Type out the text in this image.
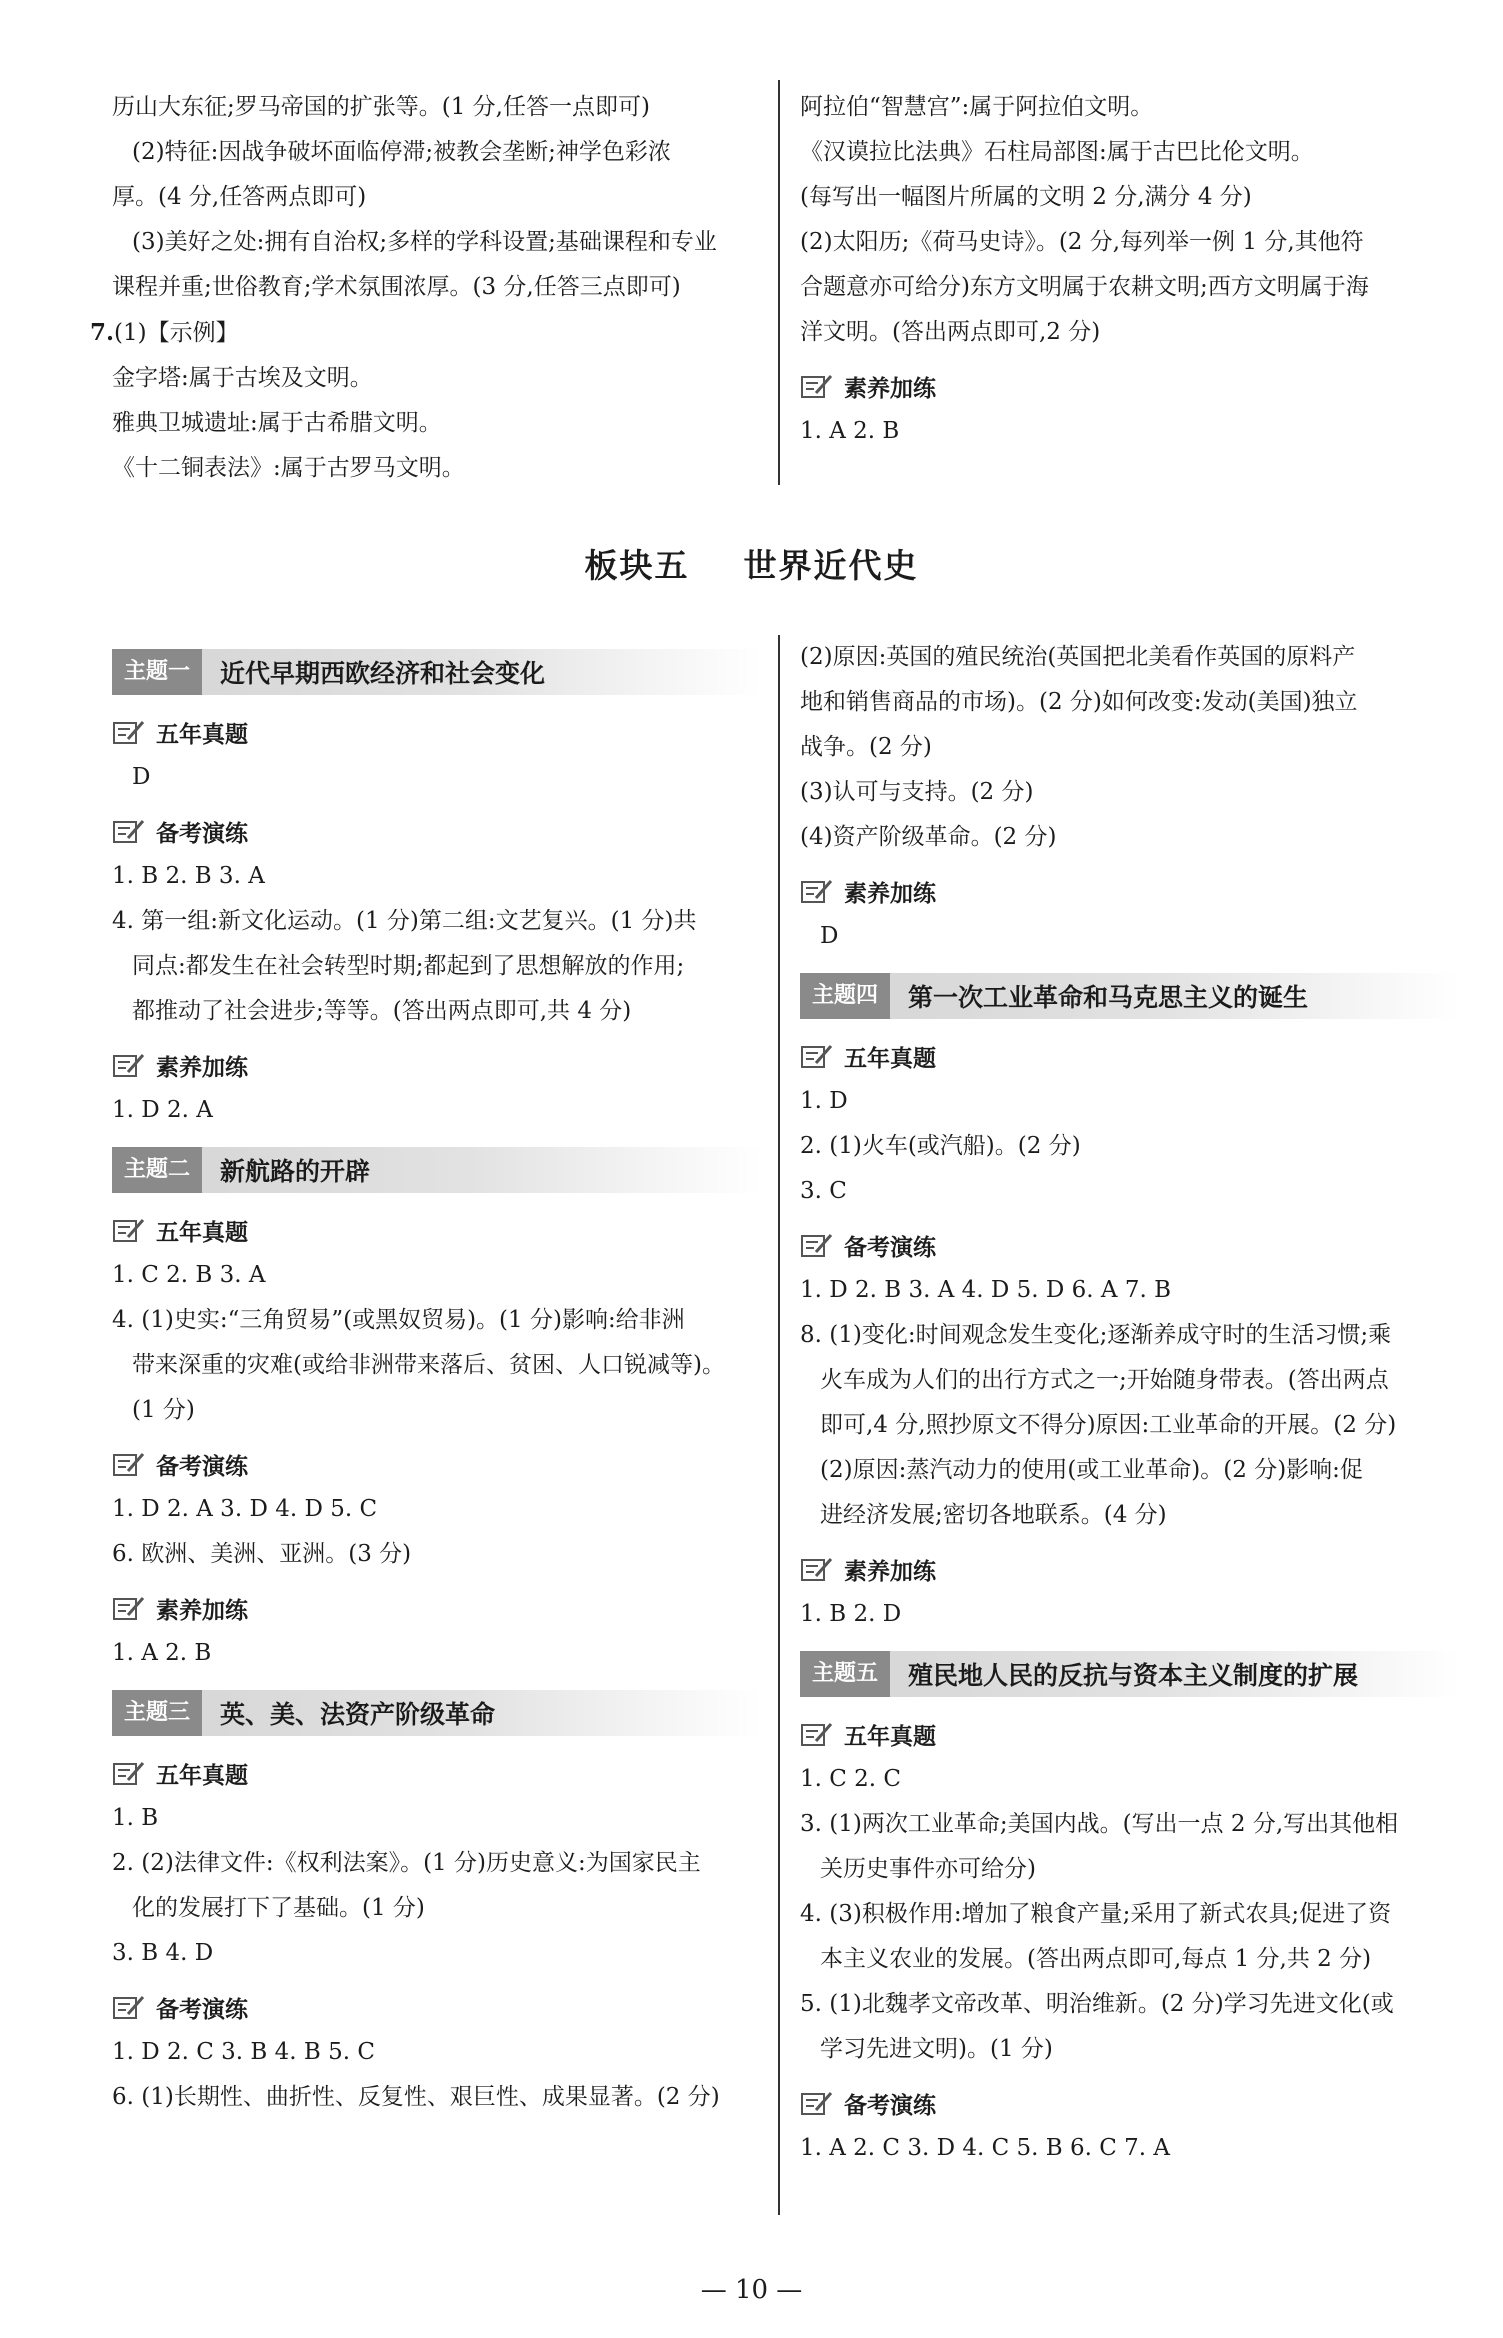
历山大东征;罗马帝国的扩张等。(1 分,任答一点即可)
(2)特征:因战争破坏面临停滞;被教会垄断;神学色彩浓
厚。(4 分,任答两点即可)
(3)美好之处:拥有自治权;多样的学科设置;基础课程和专业
课程并重;世俗教育;学术氛围浓厚。(3 分,任答三点即可)
7.(1)【示例】
金字塔:属于古埃及文明。
雅典卫城遗址:属于古希腊文明。
《十二铜表法》:属于古罗马文明。
阿拉伯“智慧宫”:属于阿拉伯文明。
《汉谟拉比法典》石柱局部图:属于古巴比伦文明。
(每写出一幅图片所属的文明 2 分,满分 4 分)
(2)太阳历;《荷马史诗》。(2 分,每列举一例 1 分,其他符
合题意亦可给分)东方文明属于农耕文明;西方文明属于海
洋文明。(答出两点即可,2 分)
素养加练
1. A 2. B
板块五    世界近代史
主题一	近代早期西欧经济和社会变化
五年真题
D
备考演练
1. B 2. B 3. A
4. 第一组:新文化运动。(1 分)第二组:文艺复兴。(1 分)共
同点:都发生在社会转型时期;都起到了思想解放的作用;
都推动了社会进步;等等。(答出两点即可,共 4 分)
素养加练
1. D 2. A
主题二	新航路的开辟
五年真题
1. C 2. B 3. A
4. (1)史实:“三角贸易”(或黑奴贸易)。(1 分)影响:给非洲
带来深重的灾难(或给非洲带来落后、贫困、人口锐减等)。
(1 分)
备考演练
1. D 2. A 3. D 4. D 5. C
6. 欧洲、美洲、亚洲。(3 分)
素养加练
1. A 2. B
主题三	英、美、法资产阶级革命
五年真题
1. B
2. (2)法律文件:《权利法案》。(1 分)历史意义:为国家民主
化的发展打下了基础。(1 分)
3. B 4. D
备考演练
1. D 2. C 3. B 4. B 5. C
6. (1)长期性、曲折性、反复性、艰巨性、成果显著。(2 分)
(2)原因:英国的殖民统治(英国把北美看作英国的原料产
地和销售商品的市场)。(2 分)如何改变:发动(美国)独立
战争。(2 分)
(3)认可与支持。(2 分)
(4)资产阶级革命。(2 分)
素养加练
D
主题四	第一次工业革命和马克思主义的诞生
五年真题
1. D
2. (1)火车(或汽船)。(2 分)
3. C
备考演练
1. D 2. B 3. A 4. D 5. D 6. A 7. B
8. (1)变化:时间观念发生变化;逐渐养成守时的生活习惯;乘
火车成为人们的出行方式之一;开始随身带表。(答出两点
即可,4 分,照抄原文不得分)原因:工业革命的开展。(2 分)
(2)原因:蒸汽动力的使用(或工业革命)。(2 分)影响:促
进经济发展;密切各地联系。(4 分)
素养加练
1. B 2. D
主题五	殖民地人民的反抗与资本主义制度的扩展
五年真题
1. C 2. C
3. (1)两次工业革命;美国内战。(写出一点 2 分,写出其他相
关历史事件亦可给分)
4. (3)积极作用:增加了粮食产量;采用了新式农具;促进了资
本主义农业的发展。(答出两点即可,每点 1 分,共 2 分)
5. (1)北魏孝文帝改革、明治维新。(2 分)学习先进文化(或
学习先进文明)。(1 分)
备考演练
1. A 2. C 3. D 4. C 5. B 6. C 7. A
— 10 —
